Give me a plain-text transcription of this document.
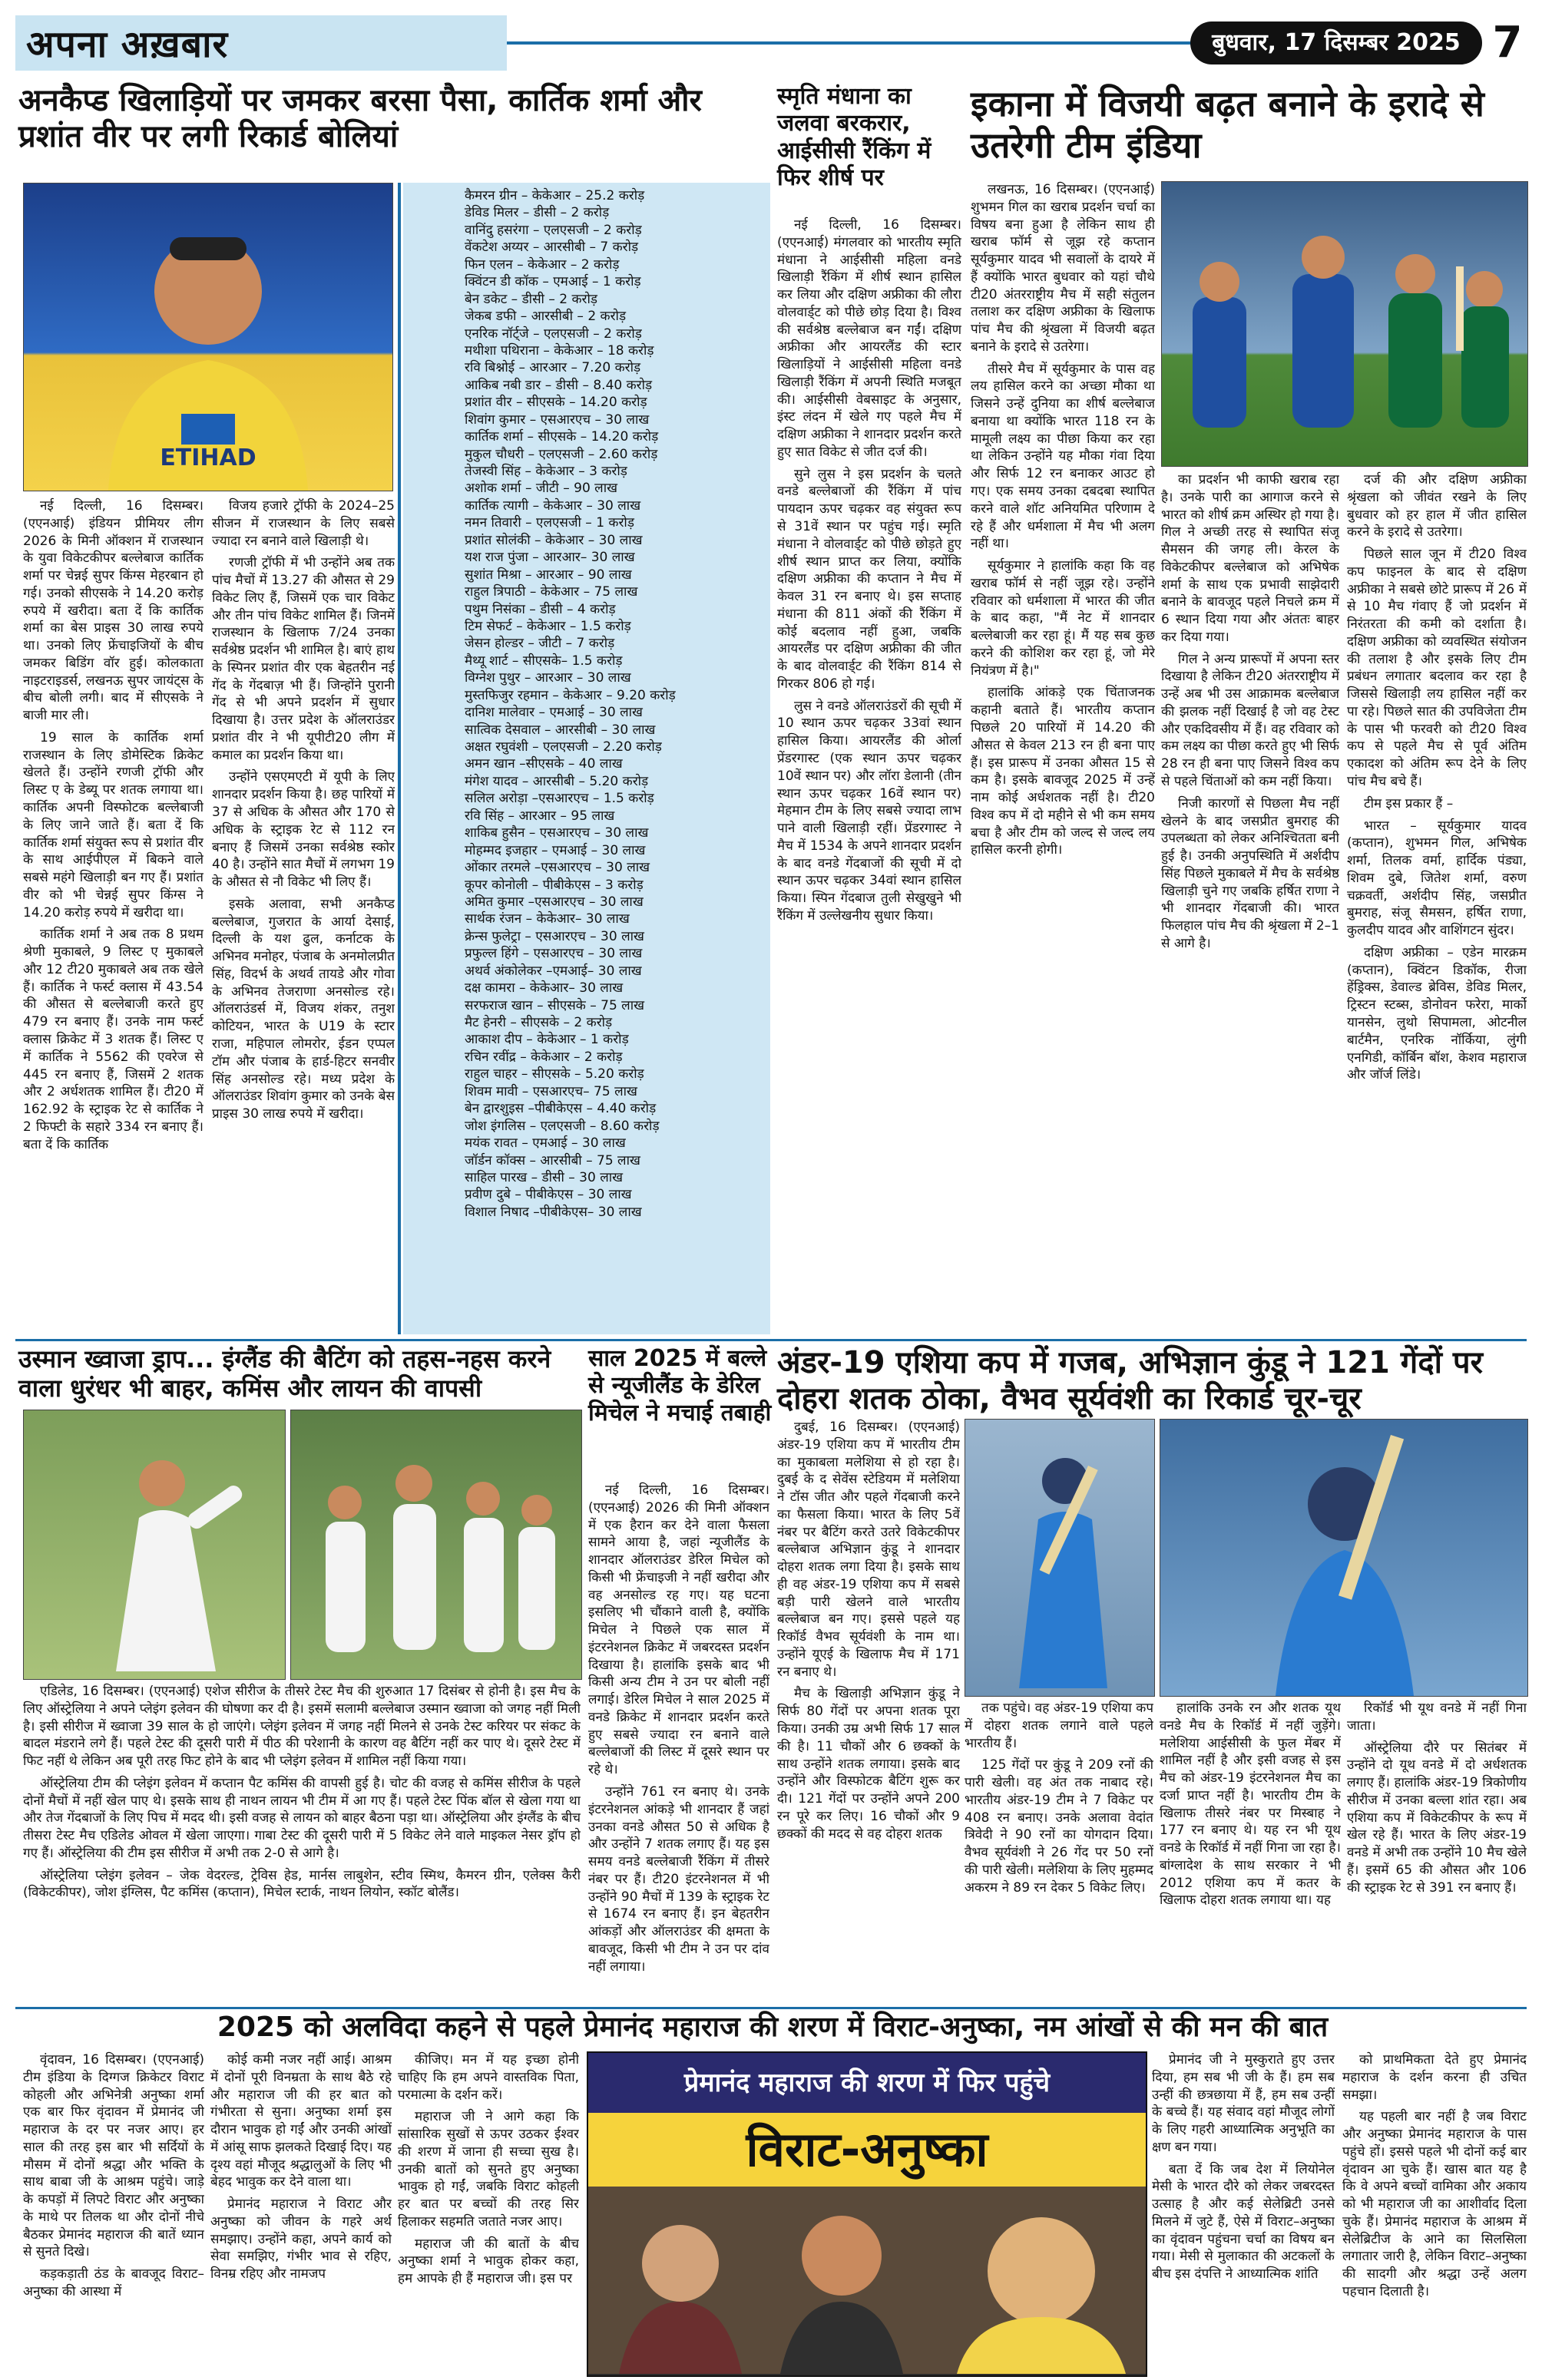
अपना अख़बार	बुधवार, 17 दिसम्बर 2025 7
अनकैप्ड खिलाड़ियों पर जमकर बरसा पैसा, कार्तिक शर्मा और प्रशांत वीर पर लगी रिकार्ड बोलियां
ETIHAD
कैमरन ग्रीन – केकेआर – 25.2 करोड़
डेविड मिलर – डीसी – 2 करोड़
वानिंदु हसरंगा – एलएसजी – 2 करोड़
वेंकटेश अय्यर – आरसीबी – 7 करोड़
फिन एलन – केकेआर – 2 करोड़
क्विंटन डी कॉक – एमआई – 1 करोड़
बेन डकेट – डीसी – 2 करोड़
जेकब डफी – आरसीबी – 2 करोड़
एनरिक नॉर्ट्जे – एलएसजी – 2 करोड़
मथीशा पथिराना – केकेआर – 18 करोड़
रवि बिश्नोई – आरआर – 7.20 करोड़
आकिब नबी डार – डीसी – 8.40 करोड़
प्रशांत वीर – सीएसके – 14.20 करोड़
शिवांग कुमार – एसआरएच – 30 लाख
कार्तिक शर्मा – सीएसके – 14.20 करोड़
मुकुल चौधरी – एलएसजी – 2.60 करोड़
तेजस्वी सिंह – केकेआर – 3 करोड़
अशोक शर्मा – जीटी – 90 लाख
कार्तिक त्यागी – केकेआर – 30 लाख
नमन तिवारी – एलएसजी – 1 करोड़
प्रशांत सोलंकी – केकेआर – 30 लाख
यश राज पुंजा – आरआर– 30 लाख
सुशांत मिश्रा – आरआर – 90 लाख
राहुल त्रिपाठी – केकेआर – 75 लाख
पथुम निसंका – डीसी – 4 करोड़
टिम सेफर्ट – केकेआर – 1.5 करोड़
जेसन होल्डर – जीटी – 7 करोड़
मैथ्यू शार्ट – सीएसके– 1.5 करोड़
विग्नेश पुथुर – आरआर – 30 लाख
मुस्तफिजुर रहमान – केकेआर – 9.20 करोड़
दानिश मालेवार – एमआई – 30 लाख
सात्विक देसवाल – आरसीबी – 30 लाख
अक्षत रघुवंशी – एलएसजी – 2.20 करोड़
अमन खान –सीएसके – 40 लाख
मंगेश यादव – आरसीबी – 5.20 करोड़
सलिल अरोड़ा –एसआरएच – 1.5 करोड़
रवि सिंह – आरआर – 95 लाख
शाकिब हुसैन – एसआरएच – 30 लाख
मोहम्मद इजहार – एमआई – 30 लाख
ओंकार तरमले –एसआरएच – 30 लाख
कूपर कोनोली – पीबीकेएस – 3 करोड़
अमित कुमार –एसआरएच – 30 लाख
सार्थक रंजन – केकेआर– 30 लाख
क्रेन्स फुलेट्रा – एसआरएच – 30 लाख
प्रफुल्ल हिंगे – एसआरएच – 30 लाख
अथर्व अंकोलेकर –एमआई– 30 लाख
दक्ष कामरा – केकेआर– 30 लाख
सरफराज खान – सीएसके – 75 लाख
मैट हेनरी – सीएसके – 2 करोड़
आकाश दीप – केकेआर – 1 करोड़
रचिन रवींद्र – केकेआर – 2 करोड़
राहुल चाहर – सीएसके – 5.20 करोड़
शिवम मावी – एसआरएच– 75 लाख
बेन द्वारशुइस –पीबीकेएस – 4.40 करोड़
जोश इंगलिस – एलएसजी – 8.60 करोड़
मयंक रावत – एमआई – 30 लाख
जॉर्डन कॉक्स – आरसीबी – 75 लाख
साहिल पारख – डीसी – 30 लाख
प्रवीण दुबे – पीबीकेएस – 30 लाख
विशाल निषाद –पीबीकेएस– 30 लाख

नई दिल्ली, 16 दिसम्बर। (एएनआई) इंडियन प्रीमियर लीग 2026 के मिनी ऑक्शन में राजस्थान के युवा विकेटकीपर बल्लेबाज कार्तिक शर्मा पर चेन्नई सुपर किंग्स मेहरबान हो गई। उनको सीएसके ने 14.20 करोड़ रुपये में खरीदा। बता दें कि कार्तिक शर्मा का बेस प्राइस 30 लाख रुपये था। उनको लिए फ्रेंचाइजियों के बीच जमकर बिडिंग वॉर हुई। कोलकाता नाइटराइडर्स, लखनऊ सुपर जायंट्स के बीच बोली लगी। बाद में सीएसके ने बाजी मार ली।

19 साल के कार्तिक शर्मा राजस्थान के लिए डोमेस्टिक क्रिकेट खेलते हैं। उन्होंने रणजी ट्रॉफी और लिस्ट ए के डेब्यू पर शतक लगाया था। कार्तिक अपनी विस्फोटक बल्लेबाजी के लिए जाने जाते हैं। बता दें कि कार्तिक शर्मा संयुक्त रूप से प्रशांत वीर के साथ आईपीएल में बिकने वाले सबसे महंगे खिलाड़ी बन गए हैं। प्रशांत वीर को भी चेन्नई सुपर किंग्स ने 14.20 करोड़ रुपये में खरीदा था।

कार्तिक शर्मा ने अब तक 8 प्रथम श्रेणी मुकाबले, 9 लिस्ट ए मुकाबले और 12 टी20 मुकाबले अब तक खेले हैं। कार्तिक ने फर्स्ट क्लास में 43.54 की औसत से बल्लेबाजी करते हुए 479 रन बनाए हैं। उनके नाम फर्स्ट क्लास क्रिकेट में 3 शतक हैं। लिस्ट ए में कार्तिक ने 5562 की एवरेज से 445 रन बनाए हैं, जिसमें 2 शतक और 2 अर्धशतक शामिल हैं। टी20 में 162.92 के स्ट्राइक रेट से कार्तिक ने 2 फिफ्टी के सहारे 334 रन बनाए हैं। बता दें कि कार्तिक

विजय हजारे ट्रॉफी के 2024–25 सीजन में राजस्थान के लिए सबसे ज्यादा रन बनाने वाले खिलाड़ी थे।

रणजी ट्रॉफी में भी उन्होंने अब तक पांच मैचों में 13.27 की औसत से 29 विकेट लिए हैं, जिसमें एक चार विकेट और तीन पांच विकेट शामिल हैं। जिनमें राजस्थान के खिलाफ 7/24 उनका सर्वश्रेष्ठ प्रदर्शन भी शामिल है। बाएं हाथ के स्पिनर प्रशांत वीर एक बेहतरीन नई गेंद के गेंदबाज़ भी हैं। जिन्होंने पुरानी गेंद से भी अपने प्रदर्शन में सुधार दिखाया है। उत्तर प्रदेश के ऑलराउंडर प्रशांत वीर ने भी यूपीटी20 लीग में कमाल का प्रदर्शन किया था।

उन्होंने एसएमएटी में यूपी के लिए शानदार प्रदर्शन किया है। छह पारियों में 37 से अधिक के औसत और 170 से अधिक के स्ट्राइक रेट से 112 रन बनाए हैं जिसमें उनका सर्वश्रेष्ठ स्कोर 40 है। उन्होंने सात मैचों में लगभग 19 के औसत से नौ विकेट भी लिए हैं।

इसके अलावा, सभी अनकैप्ड बल्लेबाज, गुजरात के आर्या देसाई, दिल्ली के यश ढुल, कर्नाटक के अभिनव मनोहर, पंजाब के अनमोलप्रीत सिंह, विदर्भ के अथर्व तायडे और गोवा के अभिनव तेजराणा अनसोल्ड रहे। ऑलराउंडर्स में, विजय शंकर, तनुश कोटियन, भारत के U19 के स्टार राजा, महिपाल लोमरोर, ईडन एप्पल टॉम और पंजाब के हार्ड-हिटर सनवीर सिंह अनसोल्ड रहे। मध्य प्रदेश के ऑलराउंडर शिवांग कुमार को उनके बेस प्राइस 30 लाख रुपये में खरीदा।

स्मृति मंधाना का जलवा बरकरार, आईसीसी रैंकिंग में फिर शीर्ष पर

नई दिल्ली, 16 दिसम्बर। (एएनआई) मंगलवार को भारतीय स्मृति मंधाना ने आईसीसी महिला वनडे खिलाड़ी रैंकिंग में शीर्ष स्थान हासिल कर लिया और दक्षिण अफ्रीका की लौरा वोलवार्ड्ट को पीछे छोड़ दिया है। विश्व की सर्वश्रेष्ठ बल्लेबाज बन गईं। दक्षिण अफ्रीका और आयरलैंड की स्टार खिलाड़ियों ने आईसीसी महिला वनडे खिलाड़ी रैंकिंग में अपनी स्थिति मजबूत की। आईसीसी वेबसाइट के अनुसार, इंस्ट लंदन में खेले गए पहले मैच में दक्षिण अफ्रीका ने शानदार प्रदर्शन करते हुए सात विकेट से जीत दर्ज की।

सुने लुस ने इस प्रदर्शन के चलते वनडे बल्लेबाजों की रैंकिंग में पांच पायदान ऊपर चढ़कर वह संयुक्त रूप से 31वें स्थान पर पहुंच गई। स्मृति मंधाना ने वोलवार्ड्ट को पीछे छोड़ते हुए शीर्ष स्थान प्राप्त कर लिया, क्योंकि दक्षिण अफ्रीका की कप्तान ने मैच में केवल 31 रन बनाए थे। इस सप्ताह मंधाना की 811 अंकों की रैंकिंग में कोई बदलाव नहीं हुआ, जबकि आयरलैंड पर दक्षिण अफ्रीका की जीत के बाद वोलवार्ड्ट की रैंकिंग 814 से गिरकर 806 हो गई।

लुस ने वनडे ऑलराउंडरों की सूची में 10 स्थान ऊपर चढ़कर 33वां स्थान हासिल किया। आयरलैंड की ओर्ला प्रेंडरगास्ट (एक स्थान ऊपर चढ़कर 10वें स्थान पर) और लॉरा डेलानी (तीन स्थान ऊपर चढ़कर 16वें स्थान पर) मेहमान टीम के लिए सबसे ज्यादा लाभ पाने वाली खिलाड़ी रहीं। प्रेंडरगास्ट ने मैच में 1534 के अपने शानदार प्रदर्शन के बाद वनडे गेंदबाजों की सूची में दो स्थान ऊपर चढ़कर 34वां स्थान हासिल किया। स्पिन गेंदबाज तुली सेखुखुने भी रैंकिंग में उल्लेखनीय सुधार किया।

इकाना में विजयी बढ़त बनाने के इरादे से उतरेगी टीम इंडिया

लखनऊ, 16 दिसम्बर। (एएनआई) शुभमन गिल का खराब प्रदर्शन चर्चा का विषय बना हुआ है लेकिन साथ ही खराब फॉर्म से जूझ रहे कप्तान सूर्यकुमार यादव भी सवालों के दायरे में हैं क्योंकि भारत बुधवार को यहां चौथे टी20 अंतरराष्ट्रीय मैच में सही संतुलन तलाश कर दक्षिण अफ्रीका के खिलाफ पांच मैच की श्रृंखला में विजयी बढ़त बनाने के इरादे से उतरेगा।

तीसरे मैच में सूर्यकुमार के पास वह लय हासिल करने का अच्छा मौका था जिसने उन्हें दुनिया का शीर्ष बल्लेबाज बनाया था क्योंकि भारत 118 रन के मामूली लक्ष्य का पीछा किया कर रहा था लेकिन उन्होंने यह मौका गंवा दिया और सिर्फ 12 रन बनाकर आउट हो गए। एक समय उनका दबदबा स्थापित करने वाले शॉट अनियमित परिणाम दे रहे हैं और धर्मशाला में मैच भी अलग नहीं था।

सूर्यकुमार ने हालांकि कहा कि वह खराब फॉर्म से नहीं जूझ रहे। उन्होंने रविवार को धर्मशाला में भारत की जीत के बाद कहा, "मैं नेट में शानदार बल्लेबाजी कर रहा हूं। मैं यह सब कुछ करने की कोशिश कर रहा हूं, जो मेरे नियंत्रण में है।"

हालांकि आंकड़े एक चिंताजनक कहानी बताते हैं। भारतीय कप्तान पिछले 20 पारियों में 14.20 की औसत से केवल 213 रन ही बना पाए हैं। इस प्रारूप में उनका औसत 15 से कम है। इसके बावजूद 2025 में उन्हें नाम कोई अर्धशतक नहीं है। टी20 विश्व कप में दो महीने से भी कम समय बचा है और टीम को जल्द से जल्द लय हासिल करनी होगी।

का प्रदर्शन भी काफी खराब रहा है। उनके पारी का आगाज करने से भारत को शीर्ष क्रम अस्थिर हो गया है। गिल ने अच्छी तरह से स्थापित संजू सैमसन की जगह ली। केरल के विकेटकीपर बल्लेबाज को अभिषेक शर्मा के साथ एक प्रभावी साझेदारी बनाने के बावजूद पहले निचले क्रम में 6 स्थान दिया गया और अंततः बाहर कर दिया गया।

गिल ने अन्य प्रारूपों में अपना स्तर दिखाया है लेकिन टी20 अंतरराष्ट्रीय में उन्हें अब भी उस आक्रामक बल्लेबाज की झलक नहीं दिखाई है जो वह टेस्ट और एकदिवसीय में हैं। वह रविवार को कम लक्ष्य का पीछा करते हुए भी सिर्फ 28 रन ही बना पाए जिसने विश्व कप से पहले चिंताओं को कम नहीं किया।

निजी कारणों से पिछला मैच नहीं खेलने के बाद जसप्रीत बुमराह की उपलब्धता को लेकर अनिश्चितता बनी हुई है। उनकी अनुपस्थिति में अर्शदीप सिंह पिछले मुकाबले में मैच के सर्वश्रेष्ठ खिलाड़ी चुने गए जबकि हर्षित राणा ने भी शानदार गेंदबाजी की। भारत फिलहाल पांच मैच की श्रृंखला में 2–1 से आगे है।

दर्ज की और दक्षिण अफ्रीका श्रृंखला को जीवंत रखने के लिए बुधवार को हर हाल में जीत हासिल करने के इरादे से उतरेगा।

पिछले साल जून में टी20 विश्व कप फाइनल के बाद से दक्षिण अफ्रीका ने सबसे छोटे प्रारूप में 26 में से 10 मैच गंवाए हैं जो प्रदर्शन में निरंतरता की कमी को दर्शाता है। दक्षिण अफ्रीका को व्यवस्थित संयोजन की तलाश है और इसके लिए टीम प्रबंधन लगातार बदलाव कर रहा है जिससे खिलाड़ी लय हासिल नहीं कर पा रहे। पिछले सात की उपविजेता टीम के पास भी फरवरी को टी20 विश्व कप से पहले मैच से पूर्व अंतिम एकादश को अंतिम रूप देने के लिए पांच मैच बचे हैं।

टीम इस प्रकार हैं –

भारत – सूर्यकुमार यादव (कप्तान), शुभमन गिल, अभिषेक शर्मा, तिलक वर्मा, हार्दिक पंड्या, शिवम दुबे, जितेश शर्मा, वरुण चक्रवर्ती, अर्शदीप सिंह, जसप्रीत बुमराह, संजू सैमसन, हर्षित राणा, कुलदीप यादव और वाशिंगटन सुंदर।

दक्षिण अफ्रीका – एडेन मारक्रम (कप्तान), क्विंटन डिकॉक, रीजा हेंड्रिक्स, डेवाल्ड ब्रेविस, डेविड मिलर, ट्रिस्टन स्टब्स, डोनोवन फरेरा, मार्को यानसेन, लुथो सिपामला, ओटनील बार्टमैन, एनरिक नॉर्किया, लुंगी एनगिडी, कॉर्बिन बॉश, केशव महाराज और जॉर्ज लिंडे।

उस्मान ख्वाजा ड्राप... इंग्लैंड की बैटिंग को तहस-नहस करने वाला धुरंधर भी बाहर, कमिंस और लायन की वापसी

एडिलेड, 16 दिसम्बर। (एएनआई) एशेज सीरीज के तीसरे टेस्ट मैच की शुरुआत 17 दिसंबर से होनी है। इस मैच के लिए ऑस्ट्रेलिया ने अपने प्लेइंग इलेवन की घोषणा कर दी है। इसमें सलामी बल्लेबाज उस्मान ख्वाजा को जगह नहीं मिली है। इसी सीरीज में ख्वाजा 39 साल के हो जाएंगे। प्लेइंग इलेवन में जगह नहीं मिलने से उनके टेस्ट करियर पर संकट के बादल मंडराने लगे हैं। पहले टेस्ट की दूसरी पारी में पीठ की परेशानी के कारण वह बैटिंग नहीं कर पाए थे। दूसरे टेस्ट में फिट नहीं थे लेकिन अब पूरी तरह फिट होने के बाद भी प्लेइंग इलेवन में शामिल नहीं किया गया।

ऑस्ट्रेलिया टीम की प्लेइंग इलेवन में कप्तान पैट कमिंस की वापसी हुई है। चोट की वजह से कमिंस सीरीज के पहले दोनों मैचों में नहीं खेल पाए थे। इसके साथ ही नाथन लायन भी टीम में आ गए हैं। पहले टेस्ट पिंक बॉल से खेला गया था और तेज गेंदबाजों के लिए पिच में मदद थी। इसी वजह से लायन को बाहर बैठना पड़ा था। ऑस्ट्रेलिया और इंग्लैंड के बीच तीसरा टेस्ट मैच एडिलेड ओवल में खेला जाएगा। गाबा टेस्ट की दूसरी पारी में 5 विकेट लेने वाले माइकल नेसर ड्रॉप हो गए हैं। ऑस्ट्रेलिया की टीम इस सीरीज में अभी तक 2-0 से आगे है।

ऑस्ट्रेलिया प्लेइंग इलेवन – जेक वेदरल्ड, ट्रेविस हेड, मार्नस लाबुशेन, स्टीव स्मिथ, कैमरन ग्रीन, एलेक्स कैरी (विकेटकीपर), जोश इंग्लिस, पैट कमिंस (कप्तान), मिचेल स्टार्क, नाथन लियोन, स्कॉट बोलैंड।

साल 2025 में बल्ले से न्यूजीलैंड के डेरिल मिचेल ने मचाई तबाही

नई दिल्ली, 16 दिसम्बर। (एएनआई) 2026 की मिनी ऑक्शन में एक हैरान कर देने वाला फैसला सामने आया है, जहां न्यूजीलैंड के शानदार ऑलराउंडर डेरिल मिचेल को किसी भी फ्रेंचाइजी ने नहीं खरीदा और वह अनसोल्ड रह गए। यह घटना इसलिए भी चौंकाने वाली है, क्योंकि मिचेल ने पिछले एक साल में इंटरनेशनल क्रिकेट में जबरदस्त प्रदर्शन दिखाया है। हालांकि इसके बाद भी किसी अन्य टीम ने उन पर बोली नहीं लगाई। डेरिल मिचेल ने साल 2025 में वनडे क्रिकेट में शानदार प्रदर्शन करते हुए सबसे ज्यादा रन बनाने वाले बल्लेबाजों की लिस्ट में दूसरे स्थान पर रहे थे।

उन्होंने 761 रन बनाए थे। उनके इंटरनेशनल आंकड़े भी शानदार हैं जहां उनका वनडे औसत 50 से अधिक है और उन्होंने 7 शतक लगाए हैं। यह इस समय वनडे बल्लेबाजी रैंकिंग में तीसरे नंबर पर हैं। टी20 इंटरनेशनल में भी उन्होंने 90 मैचों में 139 के स्ट्राइक रेट से 1674 रन बनाए हैं। इन बेहतरीन आंकड़ों और ऑलराउंडर की क्षमता के बावजूद, किसी भी टीम ने उन पर दांव नहीं लगाया।

अंडर-19 एशिया कप में गजब, अभिज्ञान कुंडू ने 121 गेंदों पर दोहरा शतक ठोका, वैभव सूर्यवंशी का रिकार्ड चूर-चूर

दुबई, 16 दिसम्बर। (एएनआई) अंडर-19 एशिया कप में भारतीय टीम का मुकाबला मलेशिया से हो रहा है। दुबई के द सेवेंस स्टेडियम में मलेशिया ने टॉस जीत और पहले गेंदबाजी करने का फैसला किया। भारत के लिए 5वें नंबर पर बैटिंग करते उतरे विकेटकीपर बल्लेबाज अभिज्ञान कुंडू ने शानदार दोहरा शतक लगा दिया है। इसके साथ ही वह अंडर-19 एशिया कप में सबसे बड़ी पारी खेलने वाले भारतीय बल्लेबाज बन गए। इससे पहले यह रिकॉर्ड वैभव सूर्यवंशी के नाम था। उन्होंने यूएई के खिलाफ मैच में 171 रन बनाए थे।

मैच के खिलाड़ी अभिज्ञान कुंडू ने सिर्फ 80 गेंदों पर अपना शतक पूरा किया। उनकी उम्र अभी सिर्फ 17 साल की है। 11 चौकों और 6 छक्कों के साथ उन्होंने शतक लगाया। इसके बाद उन्होंने और विस्फोटक बैटिंग शुरू कर दी। 121 गेंदों पर उन्होंने अपने 200 रन पूरे कर लिए। 16 चौकों और 9 छक्कों की मदद से वह दोहरा शतक

तक पहुंचे। वह अंडर-19 एशिया कप में दोहरा शतक लगाने वाले पहले भारतीय हैं।

125 गेंदों पर कुंडू ने 209 रनों की पारी खेली। वह अंत तक नाबाद रहे। भारतीय अंडर-19 टीम ने 7 विकेट पर 408 रन बनाए। उनके अलावा वेदांत त्रिवेदी ने 90 रनों का योगदान दिया। वैभव सूर्यवंशी ने 26 गेंद पर 50 रनों की पारी खेली। मलेशिया के लिए मुहम्मद अकरम ने 89 रन देकर 5 विकेट लिए।

हालांकि उनके रन और शतक यूथ वनडे मैच के रिकॉर्ड में नहीं जुड़ेंगे। मलेशिया आईसीसी के फुल मेंबर में शामिल नहीं है और इसी वजह से इस मैच को अंडर-19 इंटरनेशनल मैच का दर्जा प्राप्त नहीं है। भारतीय टीम के खिलाफ तीसरे नंबर पर मिस्बाह ने 177 रन बनाए थे। यह रन भी यूथ वनडे के रिकॉर्ड में नहीं गिना जा रहा है। बांग्लादेश के साथ सरकार ने भी 2012 एशिया कप में कतर के खिलाफ दोहरा शतक लगाया था। यह

रिकॉर्ड भी यूथ वनडे में नहीं गिना जाता।

ऑस्ट्रेलिया दौरे पर सितंबर में उन्होंने दो यूथ वनडे में दो अर्धशतक लगाए हैं। हालांकि अंडर-19 त्रिकोणीय सीरीज में उनका बल्ला शांत रहा। अब एशिया कप में विकेटकीपर के रूप में खेल रहे हैं। भारत के लिए अंडर-19 वनडे में अभी तक उन्होंने 10 मैच खेले हैं। इसमें 65 की औसत और 106 की स्ट्राइक रेट से 391 रन बनाए हैं।

2025 को अलविदा कहने से पहले प्रेमानंद महाराज की शरण में विराट-अनुष्का, नम आंखों से की मन की बात

वृंदावन, 16 दिसम्बर। (एएनआई) टीम इंडिया के दिग्गज क्रिकेटर विराट कोहली और अभिनेत्री अनुष्का शर्मा एक बार फिर वृंदावन में प्रेमानंद जी महाराज के दर पर नजर आए। हर साल की तरह इस बार भी सर्दियों के मौसम में दोनों श्रद्धा और भक्ति के साथ बाबा जी के आश्रम पहुंचे। जाड़े के कपड़ों में लिपटे विराट और अनुष्का के माथे पर तिलक था और दोनों नीचे बैठकर प्रेमानंद महाराज की बातें ध्यान से सुनते दिखे।

कड़कड़ाती ठंड के बावजूद विराट–अनुष्का की आस्था में

कोई कमी नजर नहीं आई। आश्रम में दोनों पूरी विनम्रता के साथ बैठे रहे और महाराज जी की हर बात को गंभीरता से सुना। अनुष्का शर्मा इस दौरान भावुक हो गईं और उनकी आंखों में आंसू साफ झलकते दिखाई दिए। यह दृश्य वहां मौजूद श्रद्धालुओं के लिए भी बेहद भावुक कर देने वाला था।

प्रेमानंद महाराज ने विराट और अनुष्का को जीवन के गहरे अर्थ समझाए। उन्होंने कहा, अपने कार्य को सेवा समझिए, गंभीर भाव से रहिए, विनम्र रहिए और नामजप

कीजिए। मन में यह इच्छा होनी चाहिए कि हम अपने वास्तविक पिता, परमात्मा के दर्शन करें।

महाराज जी ने आगे कहा कि सांसारिक सुखों से ऊपर उठकर ईश्वर की शरण में जाना ही सच्चा सुख है। उनकी बातों को सुनते हुए अनुष्का भावुक हो गईं, जबकि विराट कोहली हर बात पर बच्चों की तरह सिर हिलाकर सहमति जताते नजर आए।

महाराज जी की बातों के बीच अनुष्का शर्मा ने भावुक होकर कहा, हम आपके ही हैं महाराज जी। इस पर

प्रेमानंद महाराज की शरण में फिर पहुंचे
विराट-अनुष्का

प्रेमानंद जी ने मुस्कुराते हुए उत्तर दिया, हम सब भी जी के हैं। हम सब उन्हीं की छत्रछाया में हैं, हम सब उन्हीं के बच्चे हैं। यह संवाद वहां मौजूद लोगों के लिए गहरी आध्यात्मिक अनुभूति का क्षण बन गया।

बता दें कि जब देश में लियोनेल मेसी के भारत दौरे को लेकर जबरदस्त उत्साह है और कई सेलेब्रिटी उनसे मिलने में जुटे हैं, ऐसे में विराट–अनुष्का का वृंदावन पहुंचना चर्चा का विषय बन गया। मेसी से मुलाकात की अटकलों के बीच इस दंपत्ति ने आध्यात्मिक शांति

को प्राथमिकता देते हुए प्रेमानंद महाराज के दर्शन करना ही उचित समझा।

यह पहली बार नहीं है जब विराट और अनुष्का प्रेमानंद महाराज के पास पहुंचे हों। इससे पहले भी दोनों कई बार वृंदावन आ चुके हैं। खास बात यह है कि वे अपने बच्चों वामिका और अकाय को भी महाराज जी का आशीर्वाद दिला चुके हैं। प्रेमानंद महाराज के आश्रम में सेलेब्रिटीज के आने का सिलसिला लगातार जारी है, लेकिन विराट–अनुष्का की सादगी और श्रद्धा उन्हें अलग पहचान दिलाती है।
